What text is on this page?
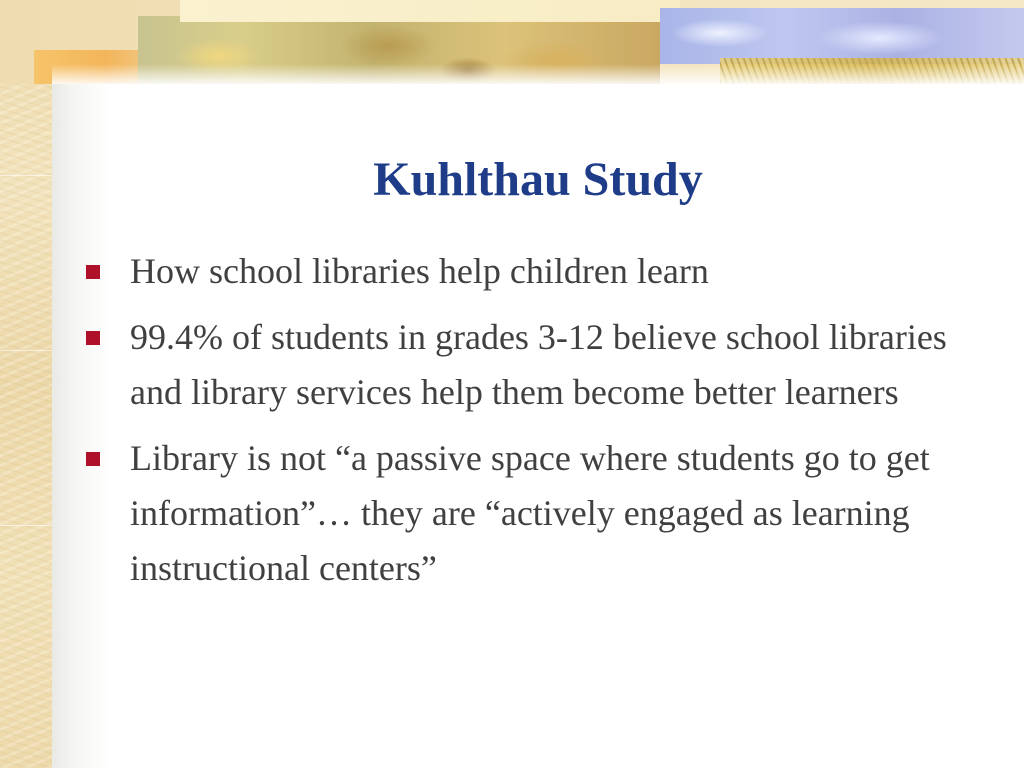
Kuhlthau Study
How school libraries help children learn
99.4% of students in grades 3-12 believe school libraries and library services help them become better learners
Library is not “a passive space where students go to get information”… they are “actively engaged as learning instructional centers”
